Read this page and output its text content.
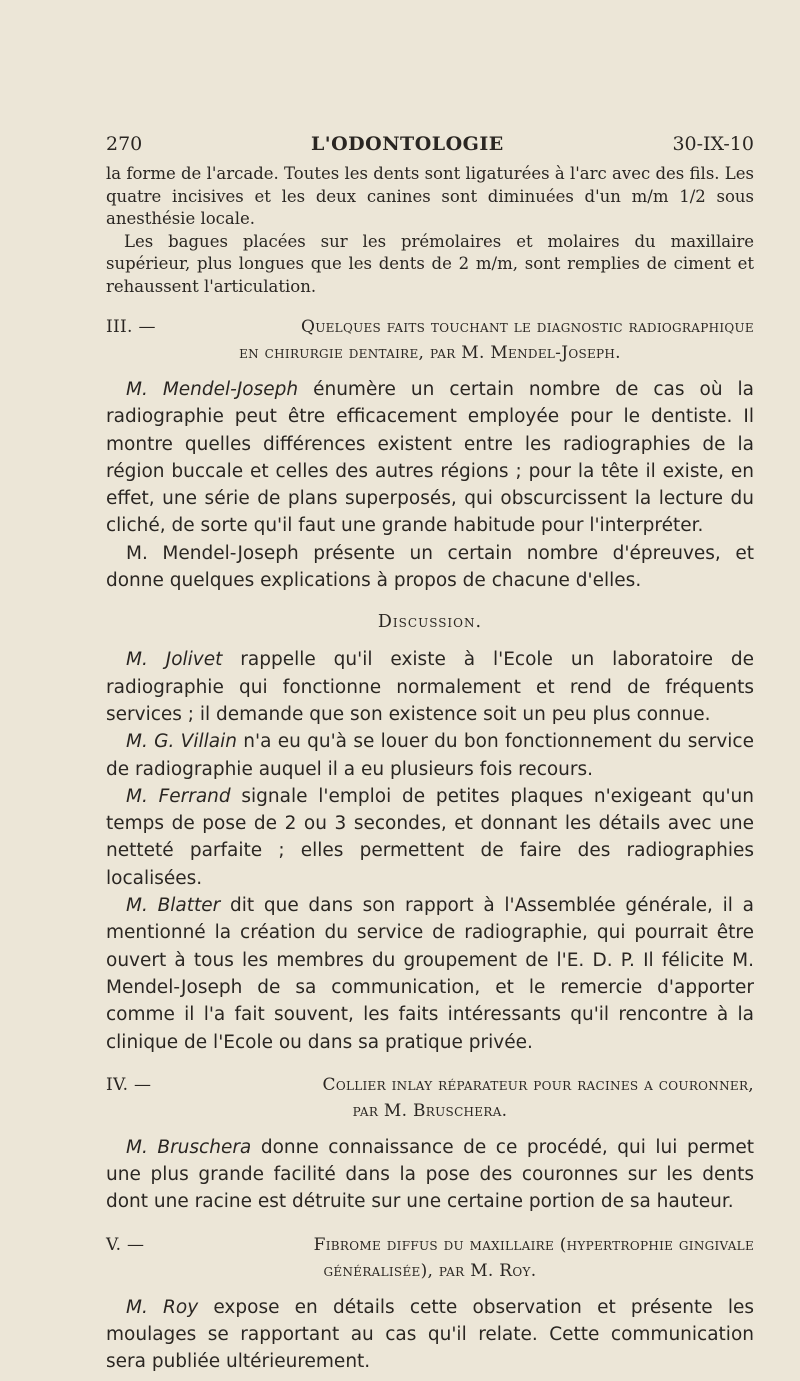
270	L'ODONTOLOGIE	30-IX-10

la forme de l'arcade. Toutes les dents sont ligaturées à l'arc avec des fils. Les quatre incisives et les deux canines sont diminuées d'un m/m 1/2 sous anesthésie locale.

Les bagues placées sur les prémolaires et molaires du maxillaire supérieur, plus longues que les dents de 2 m/m, sont remplies de ciment et rehaussent l'articulation.

III. —	Quelques faits touchant le diagnostic radiographique
en chirurgie dentaire, par M. Mendel-Joseph.

M. Mendel-Joseph énumère un certain nombre de cas où la radiographie peut être efficacement employée pour le dentiste. Il montre quelles différences existent entre les radiographies de la région buccale et celles des autres régions ; pour la tête il existe, en effet, une série de plans superposés, qui obscurcissent la lecture du cliché, de sorte qu'il faut une grande habitude pour l'interpréter.

M. Mendel-Joseph présente un certain nombre d'épreuves, et donne quelques explications à propos de chacune d'elles.

Discussion.

M. Jolivet rappelle qu'il existe à l'Ecole un laboratoire de radiographie qui fonctionne normalement et rend de fréquents services ; il demande que son existence soit un peu plus connue.

M. G. Villain n'a eu qu'à se louer du bon fonctionnement du service de radiographie auquel il a eu plusieurs fois recours.

M. Ferrand signale l'emploi de petites plaques n'exigeant qu'un temps de pose de 2 ou 3 secondes, et donnant les détails avec une netteté parfaite ; elles permettent de faire des radiographies localisées.

M. Blatter dit que dans son rapport à l'Assemblée générale, il a mentionné la création du service de radiographie, qui pourrait être ouvert à tous les membres du groupement de l'E. D. P. Il félicite M. Mendel-Joseph de sa communication, et le remercie d'apporter comme il l'a fait souvent, les faits intéressants qu'il rencontre à la clinique de l'Ecole ou dans sa pratique privée.

IV. —	Collier inlay réparateur pour racines a couronner,
par M. Bruschera.

M. Bruschera donne connaissance de ce procédé, qui lui permet une plus grande facilité dans la pose des couronnes sur les dents dont une racine est détruite sur une certaine portion de sa hauteur.

V. —	Fibrome diffus du maxillaire (hypertrophie gingivale
généralisée), par M. Roy.

M. Roy expose en détails cette observation et présente les moulages se rapportant au cas qu'il relate. Cette communication sera publiée ultérieurement.
